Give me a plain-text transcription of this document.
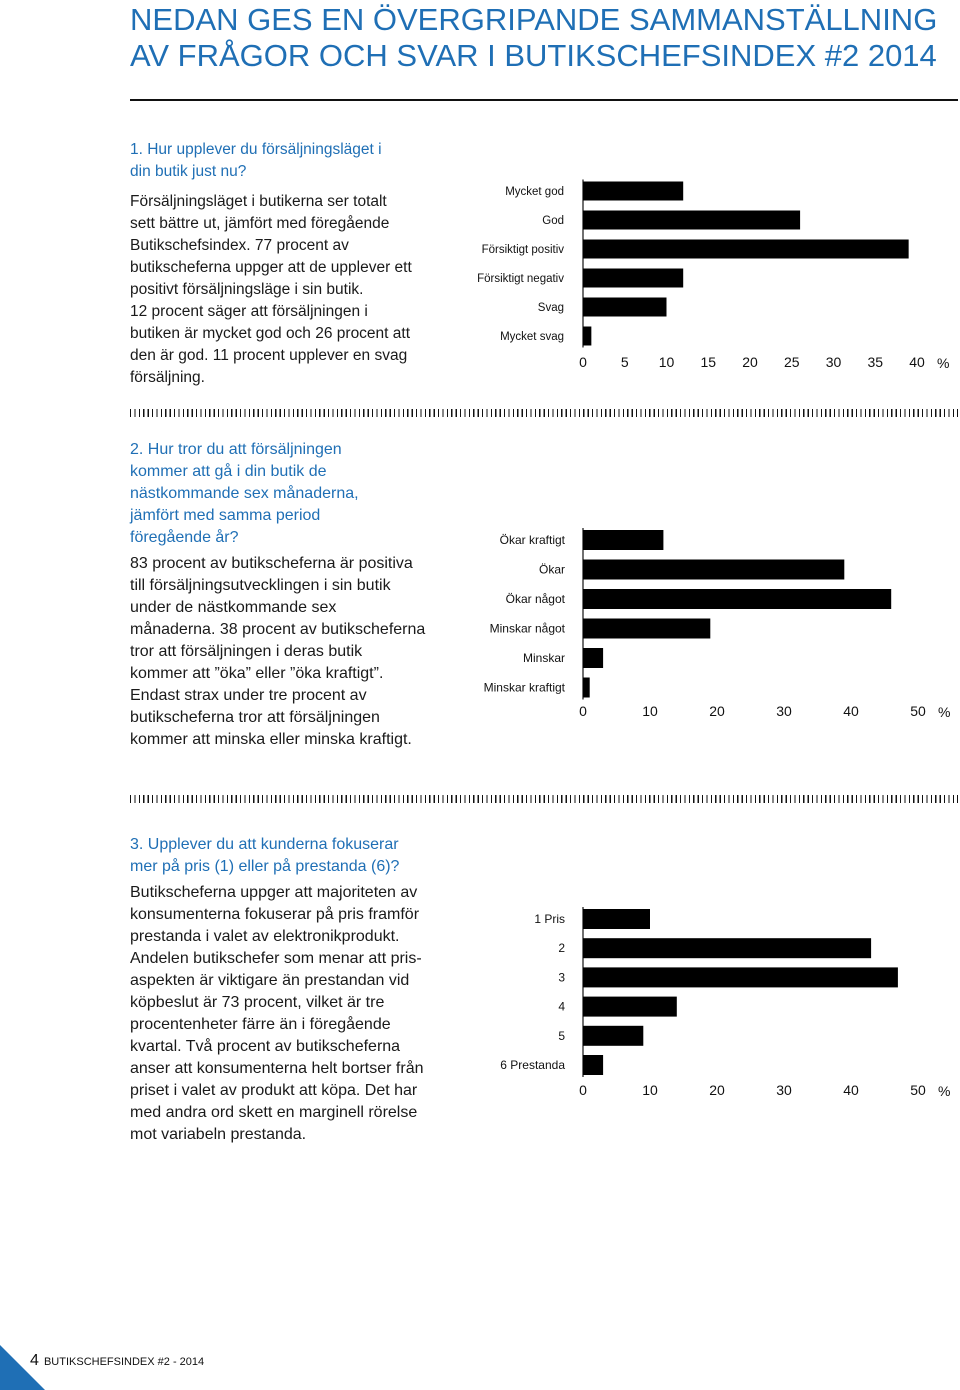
NEDAN GES EN ÖVERGRIPANDE SAMMANSTÄLLNING
AV FRÅGOR OCH SVAR I BUTIKSCHEFSINDEX #2 2014
1. Hur upplever du försäljningsläget i
din butik just nu?
Försäljningsläget i butikerna ser totalt
sett bättre ut, jämfört med föregående
Butikschefsindex. 77 procent av
butikscheferna uppger att de upplever ett
positivt försäljningsläge i sin butik.
12 procent säger att försäljningen i
butiken är mycket god och 26 procent att
den är god. 11 procent upplever en svag
försäljning.
Mycket god
God
Försiktigt positiv
Försiktigt negativ
Svag
Mycket svag
0 5 10 15 20 25 30 35 40 %
Ökar kraftigt
Ökar
Ökar något
Minskar något
Minskar
Minskar kraftigt
0	10	20	30	40	50 %
1 Pris
2
3
4
5
6 Prestanda
0	10	20	30	40	50 %
2. Hur tror du att försäljningen
kommer att gå i din butik de
nästkommande sex månaderna,
jämfört med samma period
föregående år?
83 procent av butikscheferna är positiva
till försäljningsutvecklingen i sin butik
under de nästkommande sex
månaderna. 38 procent av butikscheferna
tror att försäljningen i deras butik
kommer att ”öka” eller ”öka kraftigt”.
Endast strax under tre procent av
butikscheferna tror att försäljningen
kommer att minska eller minska kraftigt.
3. Upplever du att kunderna fokuserar
mer på pris (1) eller på prestanda (6)?
Butikscheferna uppger att majoriteten av
konsumenterna fokuserar på pris framför
prestanda i valet av elektronikprodukt.
Andelen butikschefer som menar att pris-
aspekten är viktigare än prestandan vid
köpbeslut är 73 procent, vilket är tre
procentenheter färre än i föregående
kvartal. Två procent av butikscheferna
anser att konsumenterna helt bortser från
priset i valet av produkt att köpa. Det har
med andra ord skett en marginell rörelse
mot variabeln prestanda.
4 BUTIKSCHEFSINDEX #2 - 2014
